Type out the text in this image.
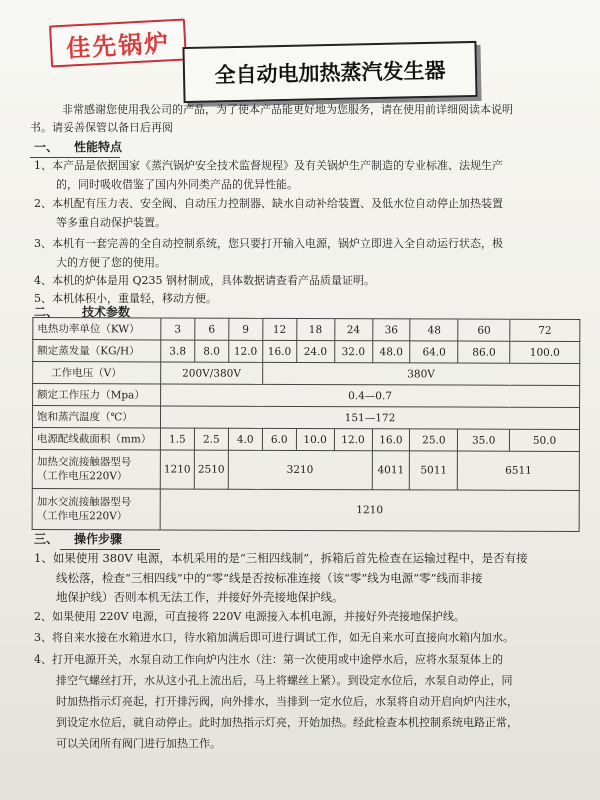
佳先锅炉
全自动电加热蒸汽发生器
非常感谢您使用我公司的产品，为了使本产品能更好地为您服务，请在使用前详细阅读本说明
书。请妥善保管以备日后再阅
一、 性能特点
1、本产品是依据国家《蒸汽锅炉安全技术监督规程》及有关锅炉生产制造的专业标准、法规生产
的，同时吸收借鉴了国内外同类产品的优异性能。
2、本机配有压力表、安全阀、自动压力控制器、缺水自动补给装置、及低水位自动停止加热装置
等多重自动保护装置。
3、本机有一套完善的全自动控制系统，您只要打开输入电源，锅炉立即进入全自动运行状态，极
大的方便了您的使用。
4、本机的炉体是用 Q235 钢材制成，具体数据请查看产品质量证明。
5、本机体积小，重量轻，移动方便。
二、 技术参数
电热功率单位（KW）	3	6	9	12	18	24	36	48	60	72
额定蒸发量（KG/H）	3.8	8.0	12.0	16.0	24.0	32.0	48.0	64.0	86.0	100.0
工作电压（V）	200V/380V			380V						
额定工作压力（Mpa）	0.4—0.7									
饱和蒸汽温度（℃）	151—172									
电源配线截面积（mm）	1.5	2.5	4.0	6.0	10.0	12.0	16.0	25.0	35.0	50.0

加热交流接触器型号
（工作电压220V）	1210	2510	3210				4011	5011	6511	

加水交流接触器型号
（工作电压220V）	1210									
三、 操作步骤
1、如果使用 380V 电源，本机采用的是“三相四线制”，拆箱后首先检查在运输过程中，是否有接
线松落，检查“三相四线”中的“零”线是否按标准连接（该“零”线为电源“零”线而非接
地保护线）否则本机无法工作，并接好外壳接地保护线。
2、如果使用 220V 电源，可直接将 220V 电源接入本机电源，并接好外壳接地保护线。
3、将自来水接在水箱进水口，待水箱加满后即可进行调试工作，如无自来水可直接向水箱内加水。
4、打开电源开关，水泵自动工作向炉内注水（注：第一次使用或中途停水后，应将水泵泵体上的
排空气螺丝打开，水从这小孔上流出后，马上将螺丝上紧）。到设定水位后，水泵自动停止，同
时加热指示灯亮起，打开排污阀，向外排水，当排到一定水位后，水泵将自动开启向炉内注水，
到设定水位后，就自动停止。此时加热指示灯亮，开始加热。经此检查本机控制系统电路正常，
可以关闭所有阀门进行加热工作。
